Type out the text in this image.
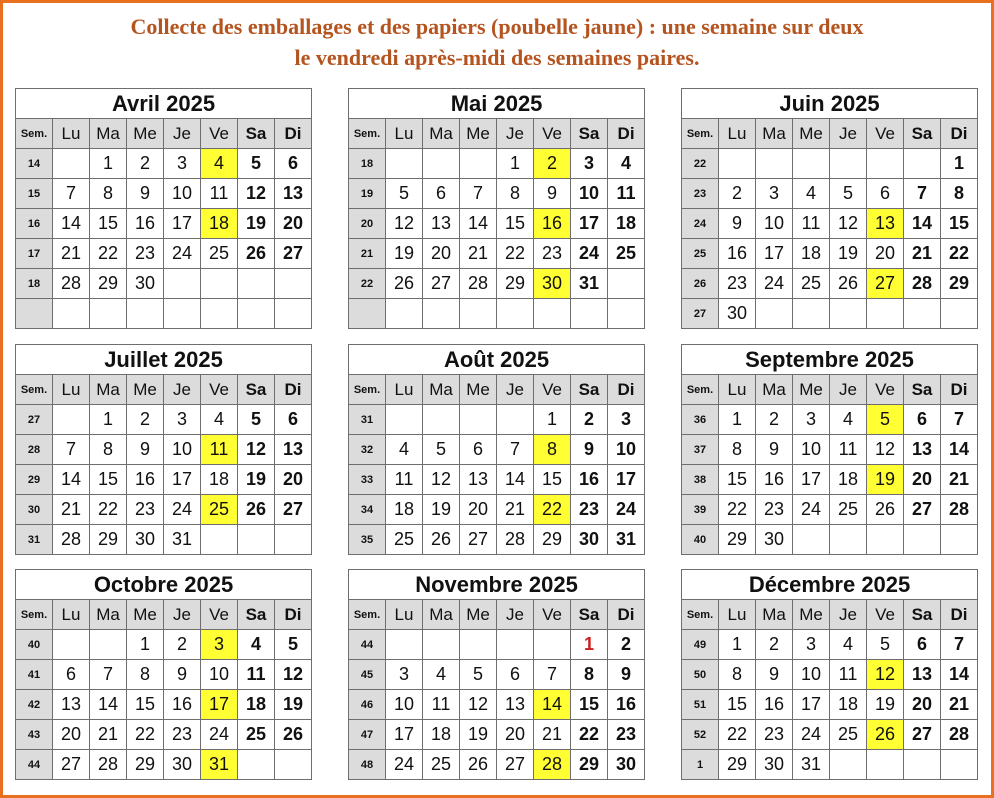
Collecte des emballages et des papiers (poubelle jaune) : une semaine sur deux
le vendredi après-midi des semaines paires.
Avril 2025							
Sem.	Lu	Ma	Me	Je	Ve	Sa	Di
14		1	2	3	4	5	6
15	7	8	9	10	11	12	13
16	14	15	16	17	18	19	20
17	21	22	23	24	25	26	27
18	28	29	30				

Mai 2025							
Sem.	Lu	Ma	Me	Je	Ve	Sa	Di
18				1	2	3	4
19	5	6	7	8	9	10	11
20	12	13	14	15	16	17	18
21	19	20	21	22	23	24	25
22	26	27	28	29	30	31	

Juin 2025							
Sem.	Lu	Ma	Me	Je	Ve	Sa	Di
22							1
23	2	3	4	5	6	7	8
24	9	10	11	12	13	14	15
25	16	17	18	19	20	21	22
26	23	24	25	26	27	28	29
27	30						
Juillet 2025							
Sem.	Lu	Ma	Me	Je	Ve	Sa	Di
27		1	2	3	4	5	6
28	7	8	9	10	11	12	13
29	14	15	16	17	18	19	20
30	21	22	23	24	25	26	27
31	28	29	30	31			
Août 2025							
Sem.	Lu	Ma	Me	Je	Ve	Sa	Di
31					1	2	3
32	4	5	6	7	8	9	10
33	11	12	13	14	15	16	17
34	18	19	20	21	22	23	24
35	25	26	27	28	29	30	31
Septembre 2025							
Sem.	Lu	Ma	Me	Je	Ve	Sa	Di
36	1	2	3	4	5	6	7
37	8	9	10	11	12	13	14
38	15	16	17	18	19	20	21
39	22	23	24	25	26	27	28
40	29	30					
Octobre 2025							
Sem.	Lu	Ma	Me	Je	Ve	Sa	Di
40			1	2	3	4	5
41	6	7	8	9	10	11	12
42	13	14	15	16	17	18	19
43	20	21	22	23	24	25	26
44	27	28	29	30	31		
Novembre 2025							
Sem.	Lu	Ma	Me	Je	Ve	Sa	Di
44						1	2
45	3	4	5	6	7	8	9
46	10	11	12	13	14	15	16
47	17	18	19	20	21	22	23
48	24	25	26	27	28	29	30
Décembre 2025							
Sem.	Lu	Ma	Me	Je	Ve	Sa	Di
49	1	2	3	4	5	6	7
50	8	9	10	11	12	13	14
51	15	16	17	18	19	20	21
52	22	23	24	25	26	27	28
1	29	30	31				
